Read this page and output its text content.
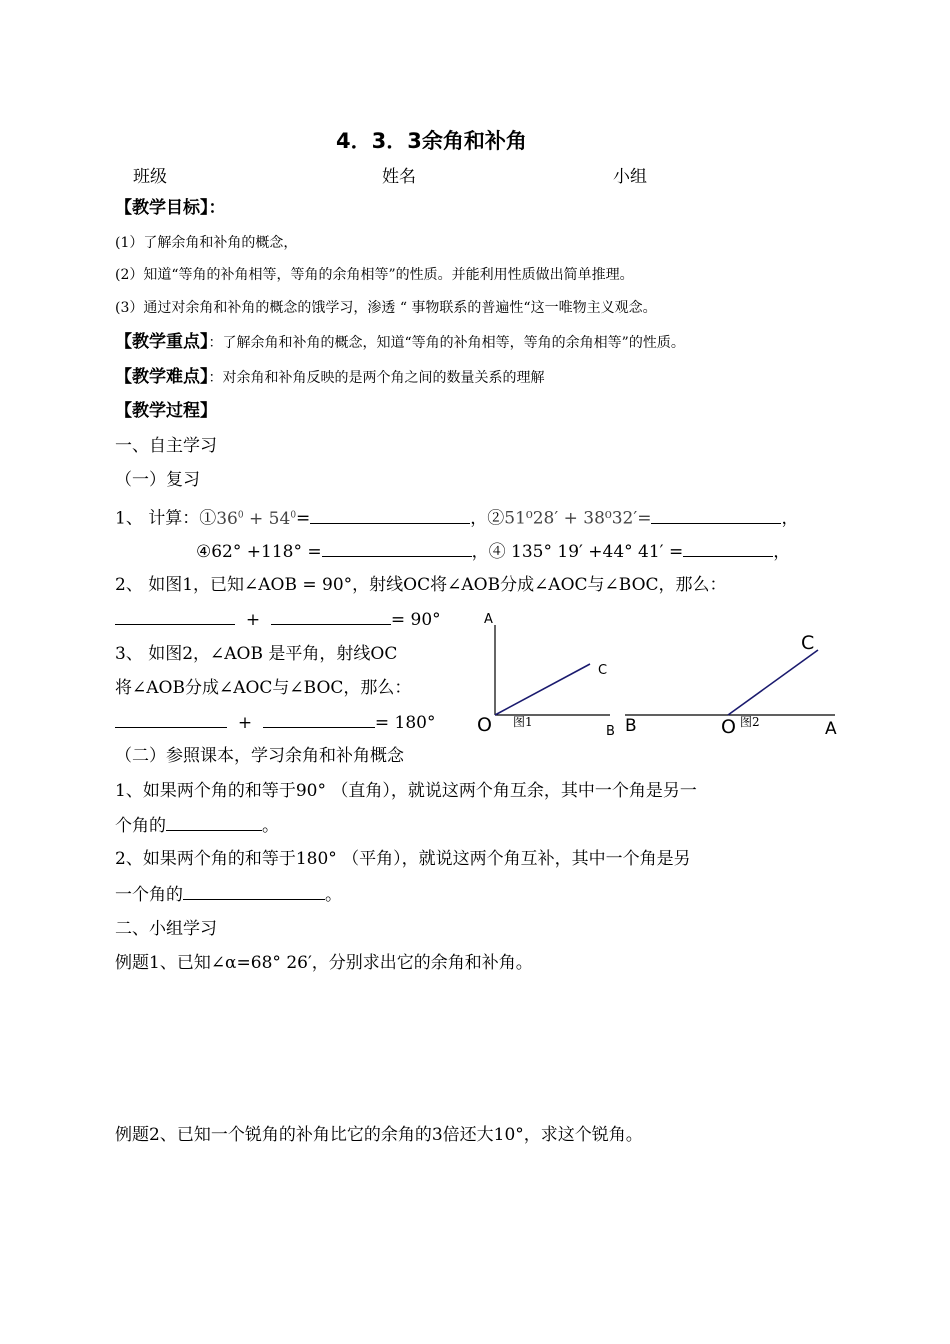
4．3．3余角和补角
班级	姓名	小组
【教学目标】：
(1）了解余角和补角的概念，
(2）知道“等角的补角相等，等角的余角相等”的性质。并能利用性质做出简单推理。
(3）通过对余角和补角的概念的饿学习，渗透 “ 事物联系的普遍性“这一唯物主义观念。
【教学重点】：了解余角和补角的概念，知道“等角的补角相等，等角的余角相等”的性质。
【教学难点】：对余角和补角反映的是两个角之间的数量关系的理解
【教学过程】
一、自主学习
（一）复习
1、 计算：$①36^0 + 54^0=$	，②51⁰28′ + 38⁰32′=	，
④62° +118° =	，④ 135° 19′ +44° 41′ =	，
2、 如图1，已知∠AOB = 90°，射线OC将∠AOB分成∠AOC与∠BOC，那么：
+	= 90°
3、 如图2，∠AOB 是平角，射线OC
将∠AOB分成∠AOC与∠BOC，那么：
+	= 180°
A
C
O 图1
B
C
B	O 图2	A
（二）参照课本，学习余角和补角概念
1、如果两个角的和等于90° （直角），就说这两个角互余，其中一个角是另一
个角的	。
2、如果两个角的和等于180° （平角），就说这两个角互补，其中一个角是另
一个角的	。
二、小组学习
例题1、已知∠α=68° 26′，分别求出它的余角和补角。
例题2、已知一个锐角的补角比它的余角的3倍还大10°，求这个锐角。
